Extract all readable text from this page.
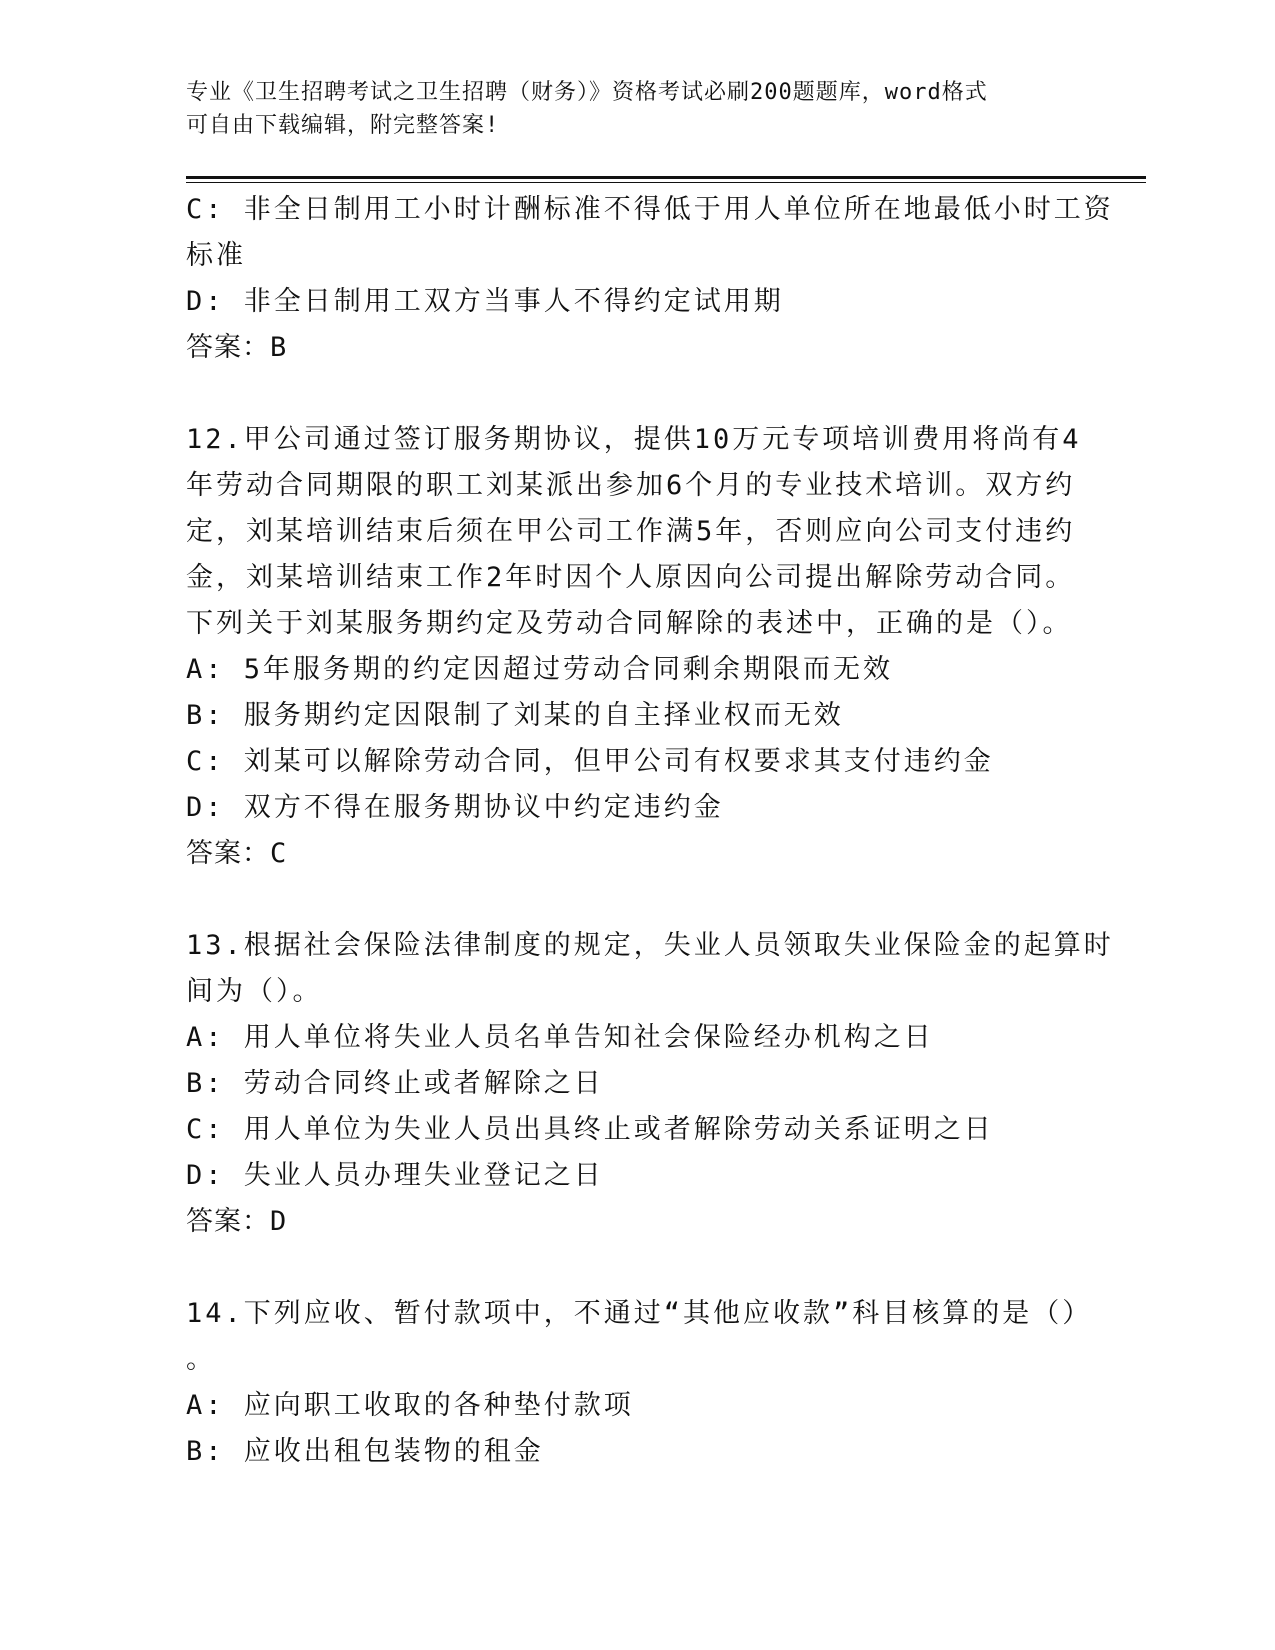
专业《卫生招聘考试之卫生招聘（财务）》资格考试必刷200题题库，word格式
可自由下载编辑，附完整答案!
C: 非全日制用工小时计酬标准不得低于用人单位所在地最低小时工资
标准
D: 非全日制用工双方当事人不得约定试用期
答案：B
12.甲公司通过签订服务期协议，提供10万元专项培训费用将尚有4
年劳动合同期限的职工刘某派出参加6个月的专业技术培训。双方约
定，刘某培训结束后须在甲公司工作满5年，否则应向公司支付违约
金，刘某培训结束工作2年时因个人原因向公司提出解除劳动合同。
下列关于刘某服务期约定及劳动合同解除的表述中，正确的是（）。
A: 5年服务期的约定因超过劳动合同剩余期限而无效
B: 服务期约定因限制了刘某的自主择业权而无效
C: 刘某可以解除劳动合同，但甲公司有权要求其支付违约金
D: 双方不得在服务期协议中约定违约金
答案：C
13.根据社会保险法律制度的规定，失业人员领取失业保险金的起算时
间为（）。
A: 用人单位将失业人员名单告知社会保险经办机构之日
B: 劳动合同终止或者解除之日
C: 用人单位为失业人员出具终止或者解除劳动关系证明之日
D: 失业人员办理失业登记之日
答案：D
14.下列应收、暂付款项中，不通过“其他应收款”科目核算的是（）
。
A: 应向职工收取的各种垫付款项
B: 应收出租包装物的租金
